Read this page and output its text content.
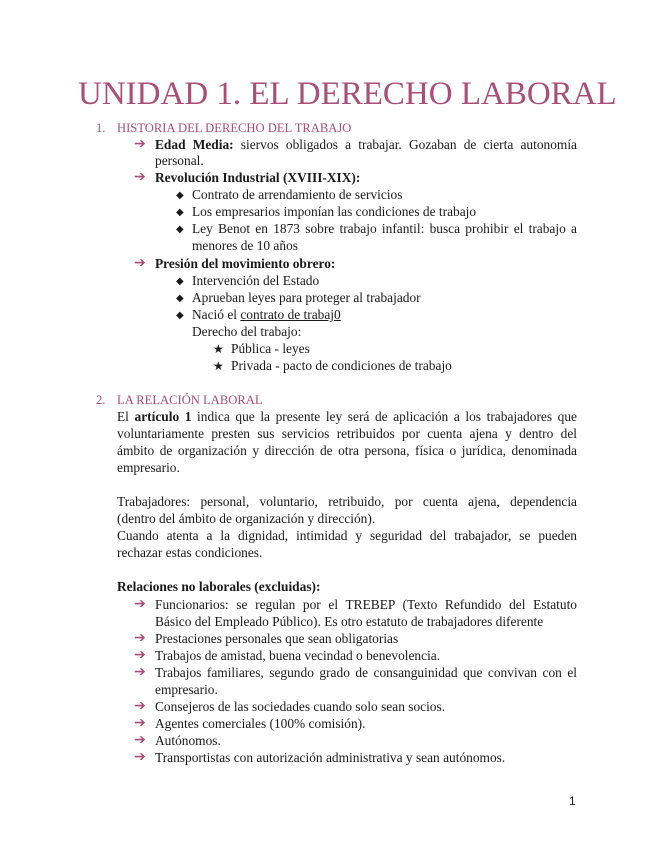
UNIDAD 1. EL DERECHO LABORAL
1. HISTORIA DEL DERECHO DEL TRABAJO
➔ Edad Media: siervos obligados a trabajar. Gozaban de cierta autonomía
personal.
➔ Revolución Industrial (XVIII-XIX):
◆ Contrato de arrendamiento de servicios
◆ Los empresarios imponían las condiciones de trabajo
◆ Ley Benot en 1873 sobre trabajo infantil: busca prohibir el trabajo a
menores de 10 años
➔ Presión del movimiento obrero:
◆ Intervención del Estado
◆ Aprueban leyes para proteger al trabajador
◆ Nació el contrato de trabaj0
Derecho del trabajo:
★ Pública - leyes
★ Privada - pacto de condiciones de trabajo
2. LA RELACIÓN LABORAL
El artículo 1 indica que la presente ley será de aplicación a los trabajadores que
voluntariamente presten sus servicios retribuidos por cuenta ajena y dentro del
ámbito de organización y dirección de otra persona, física o jurídica, denominada
empresario.
Trabajadores: personal, voluntario, retribuido, por cuenta ajena, dependencia
(dentro del ámbito de organización y dirección).
Cuando atenta a la dignidad, intimidad y seguridad del trabajador, se pueden
rechazar estas condiciones.
Relaciones no laborales (excluidas):
➔ Funcionarios: se regulan por el TREBEP (Texto Refundido del Estatuto
Básico del Empleado Público). Es otro estatuto de trabajadores diferente
➔ Prestaciones personales que sean obligatorias
➔ Trabajos de amistad, buena vecindad o benevolencia.
➔ Trabajos familiares, segundo grado de consanguinidad que convivan con el
empresario.
➔ Consejeros de las sociedades cuando solo sean socios.
➔ Agentes comerciales (100% comisión).
➔ Autónomos.
➔ Transportistas con autorización administrativa y sean autónomos.
1
